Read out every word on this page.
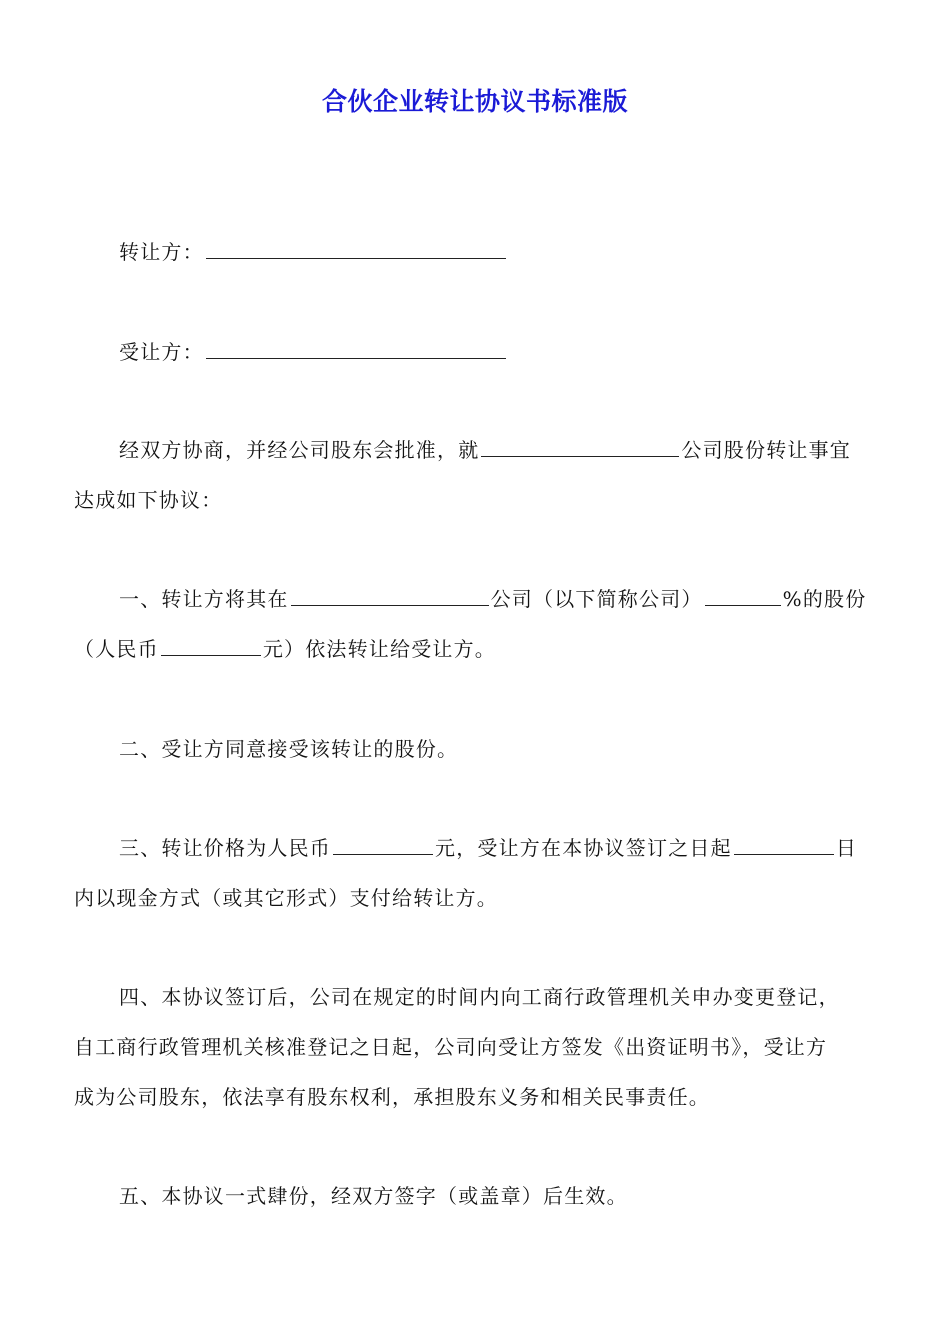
合伙企业转让协议书标准版
转让方：
受让方：
经双方协商，并经公司股东会批准，就	公司股份转让事宜
达成如下协议：
一、转让方将其在	公司（以下简称公司）	%的股份
（人民币	元）依法转让给受让方。
二、受让方同意接受该转让的股份。
三、转让价格为人民币	元，受让方在本协议签订之日起	日
内以现金方式（或其它形式）支付给转让方。
四、本协议签订后，公司在规定的时间内向工商行政管理机关申办变更登记，
自工商行政管理机关核准登记之日起，公司向受让方签发《出资证明书》，受让方
成为公司股东，依法享有股东权利，承担股东义务和相关民事责任。
五、本协议一式肆份，经双方签字（或盖章）后生效。
